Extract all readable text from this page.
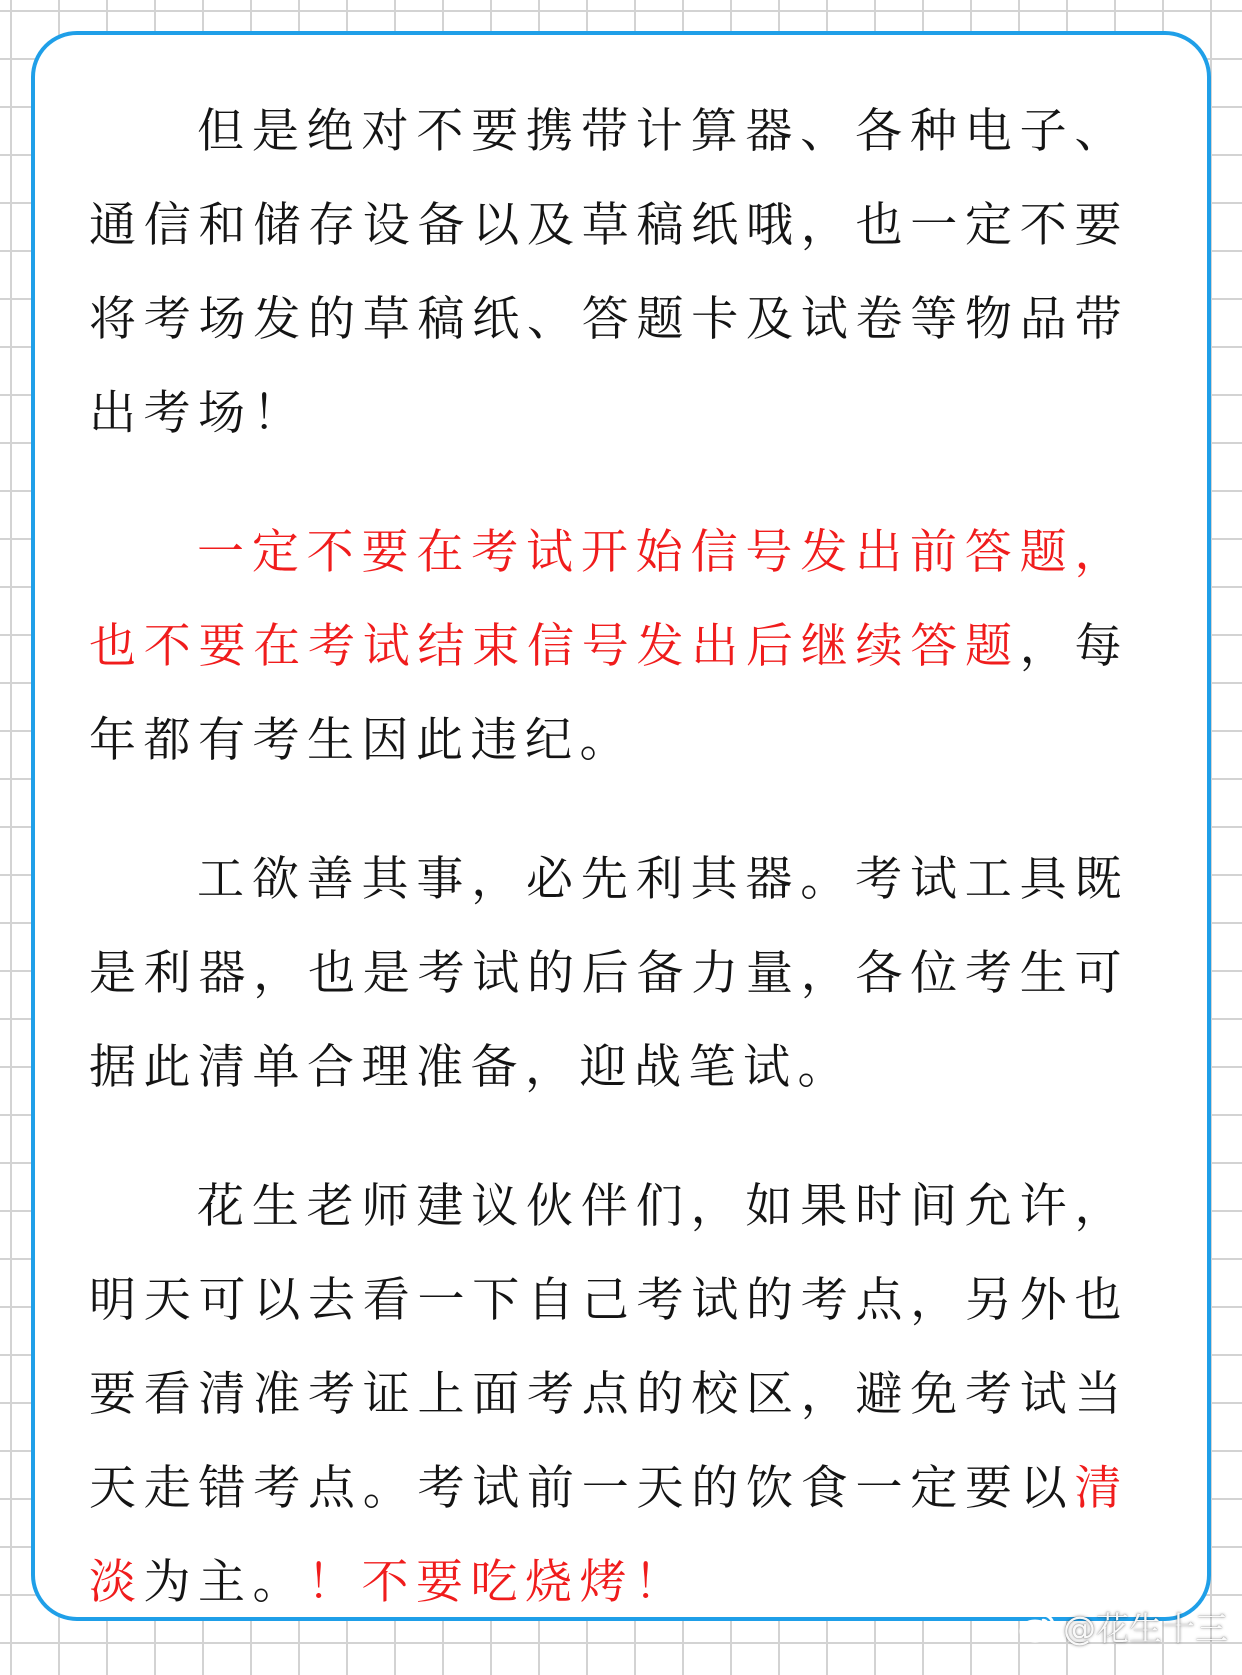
但是绝对不要携带计算器、各种电子、通信和储存设备以及草稿纸哦，也一定不要将考场发的草稿纸、答题卡及试卷等物品带出考场！

一定不要在考试开始信号发出前答题，也不要在考试结束信号发出后继续答题，每年都有考生因此违纪。

工欲善其事，必先利其器。考试工具既是利器，也是考试的后备力量，各位考生可据此清单合理准备，迎战笔试。

花生老师建议伙伴们，如果时间允许，明天可以去看一下自己考试的考点，另外也要看清准考证上面考点的校区，避免考试当天走错考点。考试前一天的饮食一定要以清淡为主。！不要吃烧烤！

@花生十三
